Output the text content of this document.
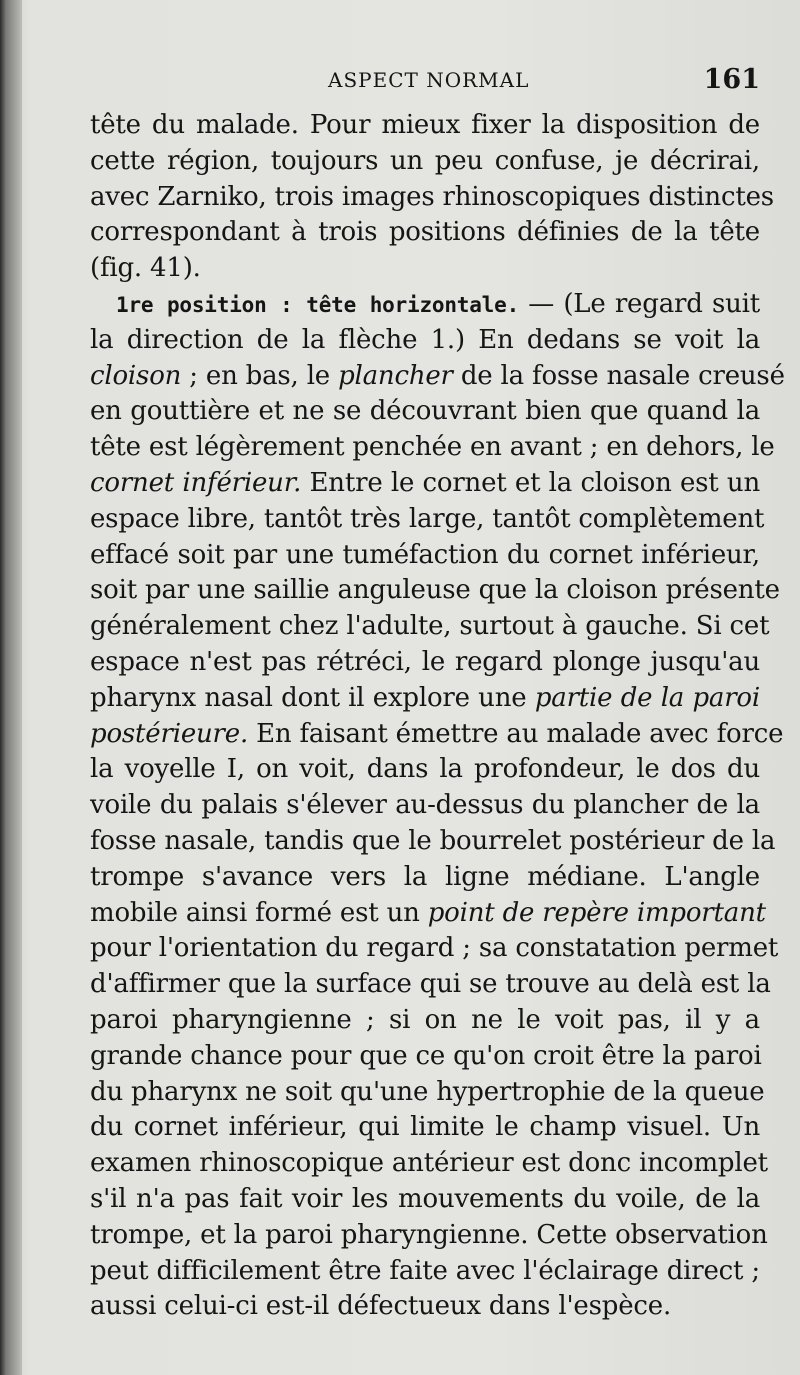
ASPECT NORMAL	161
tête du malade. Pour mieux fixer la disposition de
cette région, toujours un peu confuse, je décrirai,
avec Zarniko, trois images rhinoscopiques distinctes
correspondant à trois positions définies de la tête
(fig. 41).
1re position : tête horizontale. — (Le regard suit
la direction de la flèche 1.) En dedans se voit la
cloison ; en bas, le plancher de la fosse nasale creusé
en gouttière et ne se découvrant bien que quand la
tête est légèrement penchée en avant ; en dehors, le
cornet inférieur. Entre le cornet et la cloison est un
espace libre, tantôt très large, tantôt complètement
effacé soit par une tuméfaction du cornet inférieur,
soit par une saillie anguleuse que la cloison présente
généralement chez l'adulte, surtout à gauche. Si cet
espace n'est pas rétréci, le regard plonge jusqu'au
pharynx nasal dont il explore une partie de la paroi
postérieure. En faisant émettre au malade avec force
la voyelle I, on voit, dans la profondeur, le dos du
voile du palais s'élever au-dessus du plancher de la
fosse nasale, tandis que le bourrelet postérieur de la
trompe s'avance vers la ligne médiane. L'angle
mobile ainsi formé est un point de repère important
pour l'orientation du regard ; sa constatation permet
d'affirmer que la surface qui se trouve au delà est la
paroi pharyngienne ; si on ne le voit pas, il y a
grande chance pour que ce qu'on croit être la paroi
du pharynx ne soit qu'une hypertrophie de la queue
du cornet inférieur, qui limite le champ visuel. Un
examen rhinoscopique antérieur est donc incomplet
s'il n'a pas fait voir les mouvements du voile, de la
trompe, et la paroi pharyngienne. Cette observation
peut difficilement être faite avec l'éclairage direct ;
aussi celui-ci est-il défectueux dans l'espèce.
